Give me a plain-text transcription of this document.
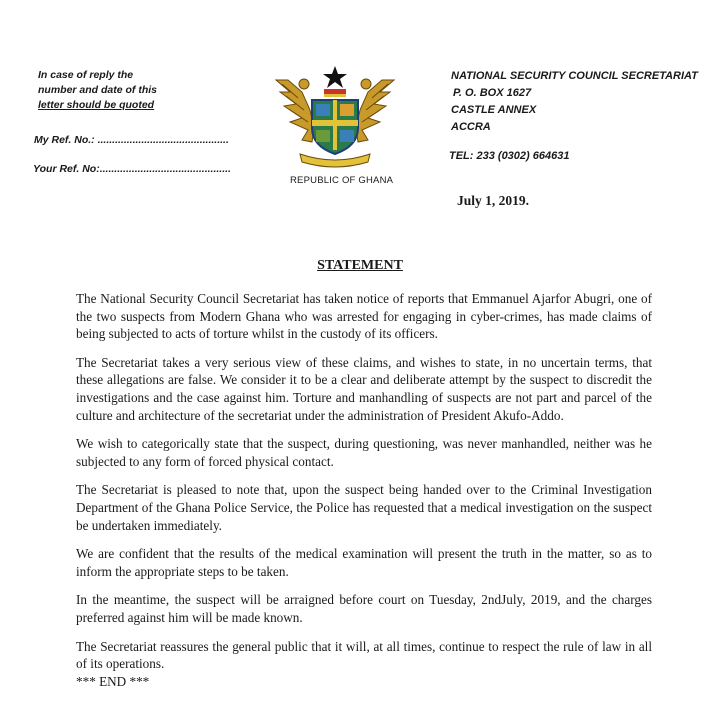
In case of reply the
number and date of this
letter should be quoted
My Ref. No.: .............................................
Your Ref. No:.............................................
REPUBLIC OF GHANA
NATIONAL SECURITY COUNCIL SECRETARIAT
P. O. BOX 1627
CASTLE ANNEX
ACCRA
TEL: 233 (0302) 664631
July 1, 2019.
STATEMENT

The National Security Council Secretariat has taken notice of reports that Emmanuel Ajarfor Abugri, one of the two suspects from Modern Ghana who was arrested for engaging in cyber-crimes, has made claims of being subjected to acts of torture whilst in the custody of its officers.

The Secretariat takes a very serious view of these claims, and wishes to state, in no uncertain terms, that these allegations are false. We consider it to be a clear and deliberate attempt by the suspect to discredit the investigations and the case against him. Torture and manhandling of suspects are not part and parcel of the culture and architecture of the secretariat under the administration of President Akufo-Addo.

We wish to categorically state that the suspect, during questioning, was never manhandled, neither was he subjected to any form of forced physical contact.

The Secretariat is pleased to note that, upon the suspect being handed over to the Criminal Investigation Department of the Ghana Police Service, the Police has requested that a medical investigation on the suspect be undertaken immediately.

We are confident that the results of the medical examination will present the truth in the matter, so as to inform the appropriate steps to be taken.

In the meantime, the suspect will be arraigned before court on Tuesday, 2ndJuly, 2019, and the charges preferred against him will be made known.

The Secretariat reassures the general public that it will, at all times, continue to respect the rule of law in all of its operations.

*** END ***
